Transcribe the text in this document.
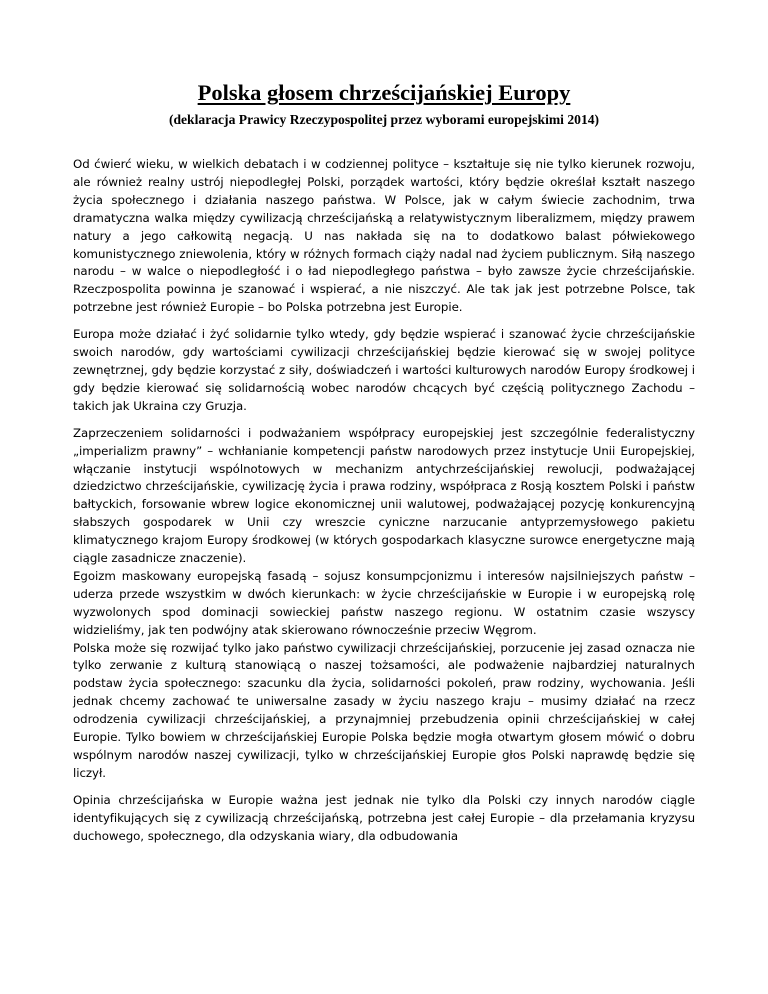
Polska głosem chrześcijańskiej Europy

(deklaracja Prawicy Rzeczypospolitej przez wyborami europejskimi 2014)

Od ćwierć wieku, w wielkich debatach i w codziennej polityce – kształtuje się nie tylko kierunek rozwoju, ale również realny ustrój niepodległej Polski, porządek wartości, który będzie określał kształt naszego życia społecznego i działania naszego państwa. W Polsce, jak w całym świecie zachodnim, trwa dramatyczna walka między cywilizacją chrześcijańską a relatywistycznym liberalizmem, między prawem natury a jego całkowitą negacją. U nas nakłada się na to dodatkowo balast półwiekowego komunistycznego zniewolenia, który w różnych formach ciąży nadal nad życiem publicznym. Siłą naszego narodu – w walce o niepodległość i o ład niepodległego państwa – było zawsze życie chrześcijańskie. Rzeczpospolita powinna je szanować i wspierać, a nie niszczyć. Ale tak jak jest potrzebne Polsce, tak potrzebne jest również Europie – bo Polska potrzebna jest Europie.

Europa może działać i żyć solidarnie tylko wtedy, gdy będzie wspierać i szanować życie chrześcijańskie swoich narodów, gdy wartościami cywilizacji chrześcijańskiej będzie kierować się w swojej polityce zewnętrznej, gdy będzie korzystać z siły, doświadczeń i wartości kulturowych narodów Europy środkowej i gdy będzie kierować się solidarnością wobec narodów chcących być częścią politycznego Zachodu – takich jak Ukraina czy Gruzja.

Zaprzeczeniem solidarności i podważaniem współpracy europejskiej jest szczególnie federalistyczny „imperializm prawny” – wchłanianie kompetencji państw narodowych przez instytucje Unii Europejskiej, włączanie instytucji wspólnotowych w mechanizm antychrześcijańskiej rewolucji, podważającej dziedzictwo chrześcijańskie, cywilizację życia i prawa rodziny, współpraca z Rosją kosztem Polski i państw bałtyckich, forsowanie wbrew logice ekonomicznej unii walutowej, podważającej pozycję konkurencyjną słabszych gospodarek w Unii czy wreszcie cyniczne narzucanie antyprzemysłowego pakietu klimatycznego krajom Europy środkowej (w których gospodarkach klasyczne surowce energetyczne mają ciągle zasadnicze znaczenie).

Egoizm maskowany europejską fasadą – sojusz konsumpcjonizmu i interesów najsilniejszych państw – uderza przede wszystkim w dwóch kierunkach: w życie chrześcijańskie w Europie i w europejską rolę wyzwolonych spod dominacji sowieckiej państw naszego regionu. W ostatnim czasie wszyscy widzieliśmy, jak ten podwójny atak skierowano równocześnie przeciw Węgrom.

Polska może się rozwijać tylko jako państwo cywilizacji chrześcijańskiej, porzucenie jej zasad oznacza nie tylko zerwanie z kulturą stanowiącą o naszej tożsamości, ale podważenie najbardziej naturalnych podstaw życia społecznego: szacunku dla życia, solidarności pokoleń, praw rodziny, wychowania. Jeśli jednak chcemy zachować te uniwersalne zasady w życiu naszego kraju – musimy działać na rzecz odrodzenia cywilizacji chrześcijańskiej, a przynajmniej przebudzenia opinii chrześcijańskiej w całej Europie. Tylko bowiem w chrześcijańskiej Europie Polska będzie mogła otwartym głosem mówić o dobru wspólnym narodów naszej cywilizacji, tylko w chrześcijańskiej Europie głos Polski naprawdę będzie się liczył.

Opinia chrześcijańska w Europie ważna jest jednak nie tylko dla Polski czy innych narodów ciągle identyfikujących się z cywilizacją chrześcijańską, potrzebna jest całej Europie – dla przełamania kryzysu duchowego, społecznego, dla odzyskania wiary, dla odbudowania
